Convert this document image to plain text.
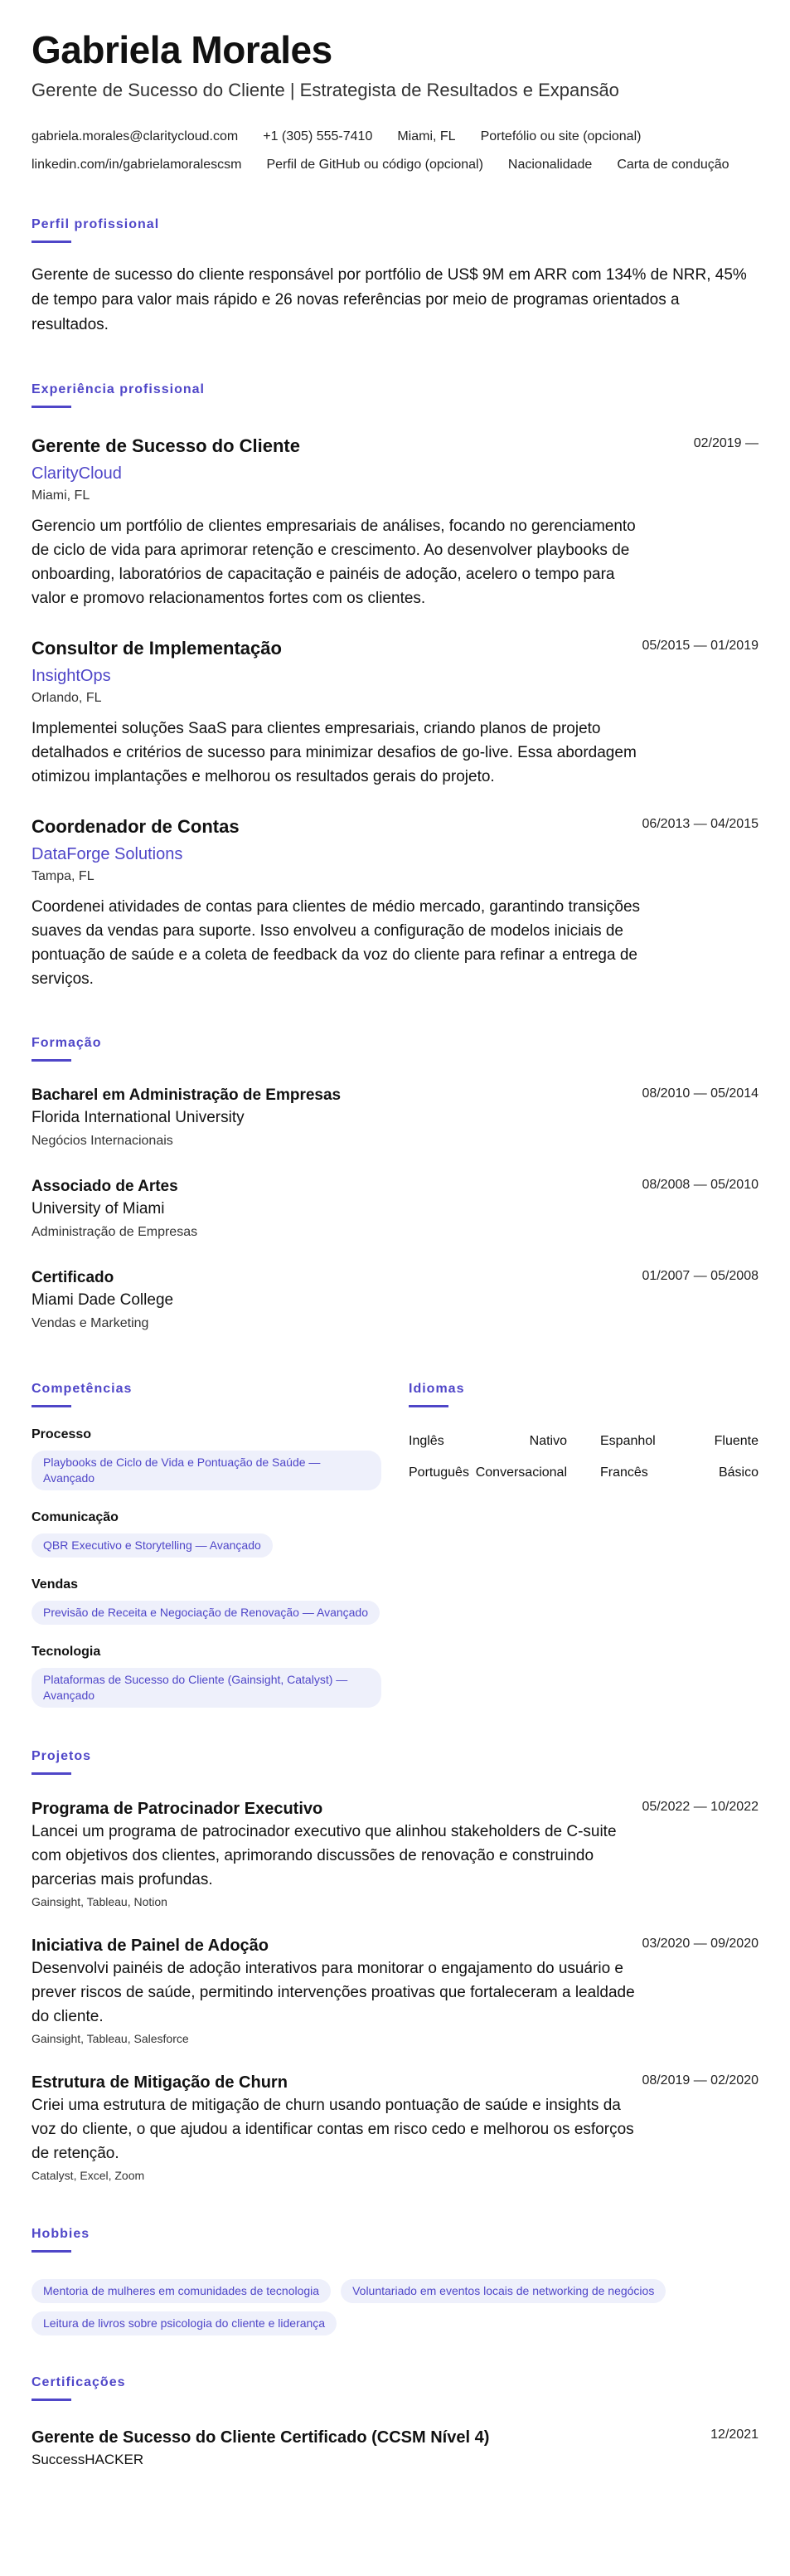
Gabriela Morales
Gerente de Sucesso do Cliente | Estrategista de Resultados e Expansão
gabriela.morales@claritycloud.com +1 (305) 555-7410 Miami, FL Portefólio ou site (opcional)
linkedin.com/in/gabrielamoralescsm Perfil de GitHub ou código (opcional) Nacionalidade Carta de condução
Perfil profissional
Gerente de sucesso do cliente responsável por portfólio de US$ 9M em ARR com 134% de NRR, 45% de tempo para valor mais rápido e 26 novas referências por meio de programas orientados a resultados.
Experiência profissional
Gerente de Sucesso do Cliente
ClarityCloud
Miami, FL
Gerencio um portfólio de clientes empresariais de análises, focando no gerenciamento de ciclo de vida para aprimorar retenção e crescimento. Ao desenvolver playbooks de onboarding, laboratórios de capacitação e painéis de adoção, acelero o tempo para valor e promovo relacionamentos fortes com os clientes.
02/2019 —
Consultor de Implementação
InsightOps
Orlando, FL
Implementei soluções SaaS para clientes empresariais, criando planos de projeto detalhados e critérios de sucesso para minimizar desafios de go-live. Essa abordagem otimizou implantações e melhorou os resultados gerais do projeto.
05/2015 — 01/2019
Coordenador de Contas
DataForge Solutions
Tampa, FL
Coordenei atividades de contas para clientes de médio mercado, garantindo transições suaves da vendas para suporte. Isso envolveu a configuração de modelos iniciais de pontuação de saúde e a coleta de feedback da voz do cliente para refinar a entrega de serviços.
06/2013 — 04/2015
Formação
Bacharel em Administração de Empresas
Florida International University
Negócios Internacionais
08/2010 — 05/2014
Associado de Artes
University of Miami
Administração de Empresas
08/2008 — 05/2010
Certificado
Miami Dade College
Vendas e Marketing
01/2007 — 05/2008
Competências
Processo
Playbooks de Ciclo de Vida e Pontuação de Saúde — Avançado
Comunicação
QBR Executivo e Storytelling — Avançado
Vendas
Previsão de Receita e Negociação de Renovação — Avançado
Tecnologia
Plataformas de Sucesso do Cliente (Gainsight, Catalyst) — Avançado
Idiomas
Inglês	Nativo	Espanhol	Fluente
Português Conversacional	Francês	Básico
Projetos
Programa de Patrocinador Executivo
Lancei um programa de patrocinador executivo que alinhou stakeholders de C-suite com objetivos dos clientes, aprimorando discussões de renovação e construindo parcerias mais profundas.
Gainsight, Tableau, Notion
05/2022 — 10/2022
Iniciativa de Painel de Adoção
Desenvolvi painéis de adoção interativos para monitorar o engajamento do usuário e prever riscos de saúde, permitindo intervenções proativas que fortaleceram a lealdade do cliente.
Gainsight, Tableau, Salesforce
03/2020 — 09/2020
Estrutura de Mitigação de Churn
Criei uma estrutura de mitigação de churn usando pontuação de saúde e insights da voz do cliente, o que ajudou a identificar contas em risco cedo e melhorou os esforços de retenção.
Catalyst, Excel, Zoom
08/2019 — 02/2020
Hobbies
Mentoria de mulheres em comunidades de tecnologia	Voluntariado em eventos locais de networking de negóciosLeitura de livros sobre psicologia do cliente e liderança
Certificações
Gerente de Sucesso do Cliente Certificado (CCSM Nível 4)
SuccessHACKER
12/2021
